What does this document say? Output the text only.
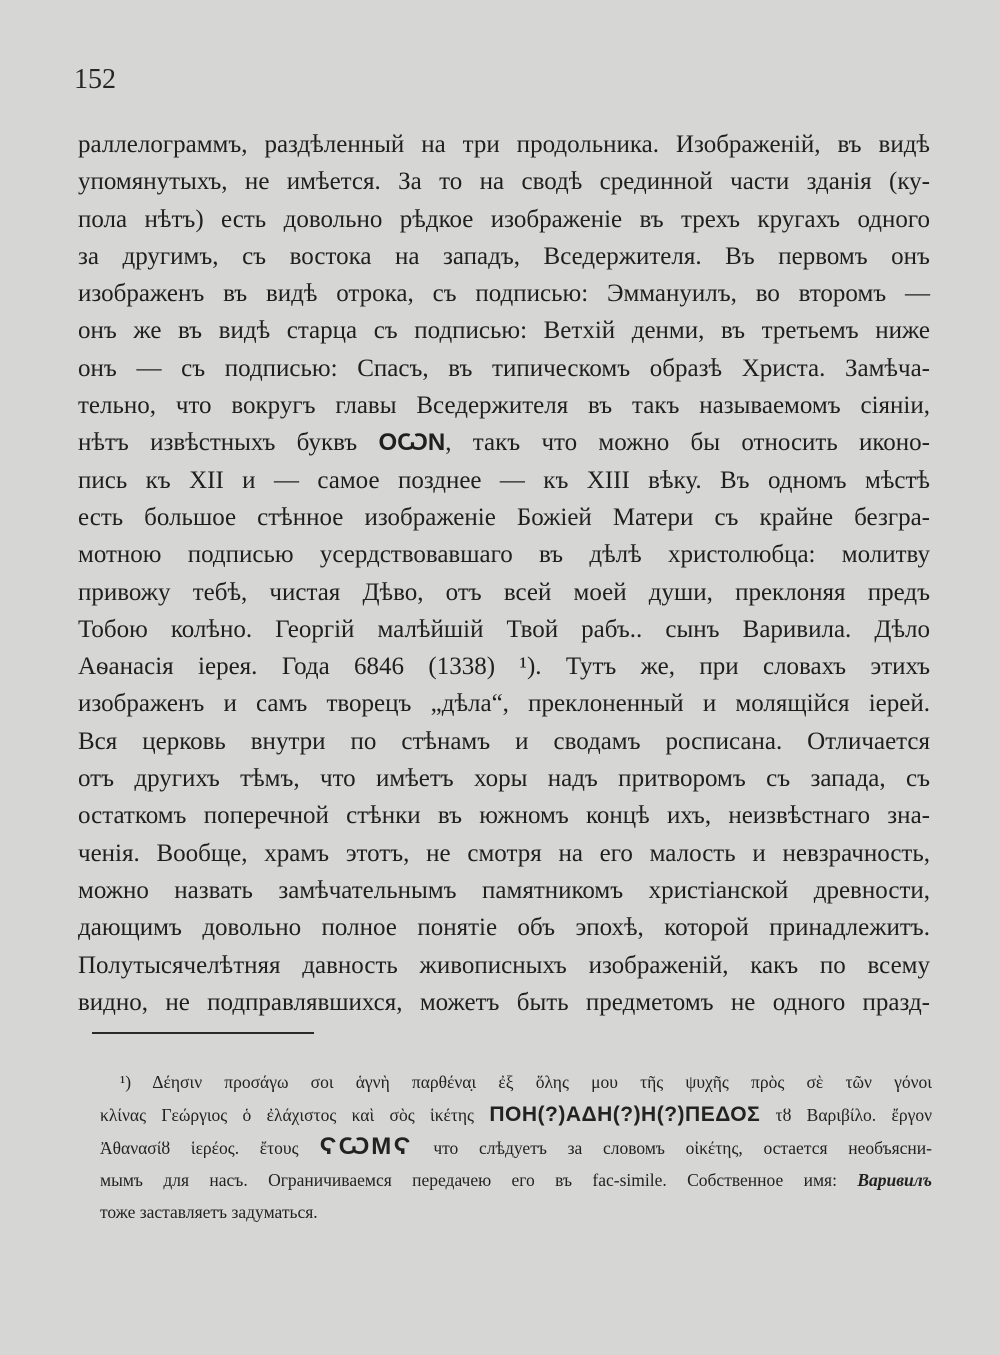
152
раллелограммъ, раздѣленный на три продольника. Изображеній, въ видѣ
упомянутыхъ, не имѣется. За то на сводѣ срединной части зданія (ку-
пола нѣтъ) есть довольно рѣдкое изображеніе въ трехъ кругахъ одного
за другимъ, съ востока на западъ, Вседержителя. Въ первомъ онъ
изображенъ въ видѣ отрока, съ подписью: Эммануилъ, во второмъ —
онъ же въ видѣ старца съ подписью: Ветхій денми, въ третьемъ ниже
онъ — съ подписью: Спасъ, въ типическомъ образѣ Христа. Замѣча-
тельно, что вокругъ главы Вседержителя въ такъ называемомъ сіяніи,
нѣтъ извѣстныхъ буквъ ΟѠΝ, такъ что можно бы относить иконо-
пись къ XII и — самое позднее — къ XIII вѣку. Въ одномъ мѣстѣ
есть большое стѣнное изображеніе Божіей Матери съ крайне безгра-
мотною подписью усердствовавшаго въ дѣлѣ христолюбца: молитву
привожу тебѣ, чистая Дѣво, отъ всей моей души, преклоняя предъ
Тобою колѣно. Георгій малѣйшій Твой рабъ.. сынъ Варивила. Дѣло
Аѳанасія іерея. Года 6846 (1338) ¹). Тутъ же, при словахъ этихъ
изображенъ и самъ творецъ „дѣла“, преклоненный и молящійся іерей.
Вся церковь внутри по стѣнамъ и сводамъ росписана. Отличается
отъ другихъ тѣмъ, что имѣетъ хоры надъ притворомъ съ запада, съ
остаткомъ поперечной стѣнки въ южномъ концѣ ихъ, неизвѣстнаго зна-
ченія. Вообще, храмъ этотъ, не смотря на его малость и невзрачность,
можно назвать замѣчательнымъ памятникомъ христіанской древности,
дающимъ довольно полное понятіе объ эпохѣ, которой принадлежитъ.
Полутысячелѣтняя давность живописныхъ изображеній, какъ по всему
видно, не подправлявшихся, можетъ быть предметомъ не одного празд-
¹) Δέησιν προσάγω σοι ἁγνὴ παρθένα̣ι ἐξ ὅλης μου τῆς ψυχῆς πρὸς σὲ τῶν γόνοι
κλίνας Γεώργιος ὁ ἐλάχιστος καὶ σὸς ἱκέτης ΠΟΗ(?)ΑΔΗ(?)Η(?)ΠΕΔΟΣ τȣ Βαριβίλο. ἔργον
Ἀθανασίȣ ἱερέος. ἔτους ϚѠΜϚ что слѣдуетъ за словомъ οἰκέτης, остается необъясни-
мымъ для насъ. Ограничиваемся передачею его въ fac-simile. Собственное имя: Варивилъ
тоже заставляетъ задуматься.
